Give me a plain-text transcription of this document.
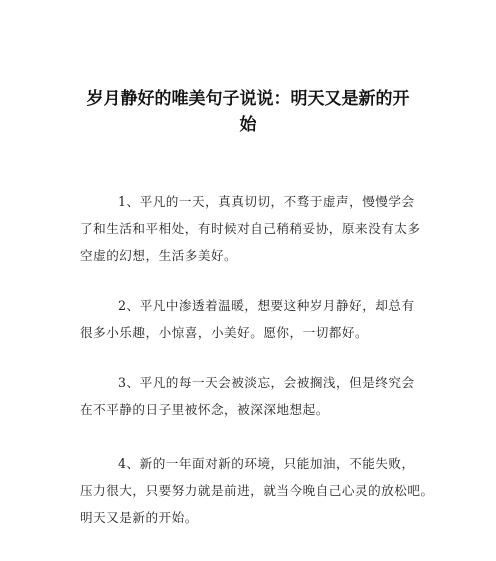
岁月静好的唯美句子说说：明天又是新的开
始
1、平凡的一天，真真切切，不骛于虚声，慢慢学会
了和生活和平相处，有时候对自己稍稍妥协，原来没有太多
空虚的幻想，生活多美好。
2、平凡中渗透着温暖，想要这种岁月静好，却总有
很多小乐趣，小惊喜，小美好。愿你，一切都好。
3、平凡的每一天会被淡忘，会被搁浅，但是终究会
在不平静的日子里被怀念，被深深地想起。
4、新的一年面对新的环境，只能加油，不能失败，
压力很大，只要努力就是前进，就当今晚自己心灵的放松吧。
明天又是新的开始。
